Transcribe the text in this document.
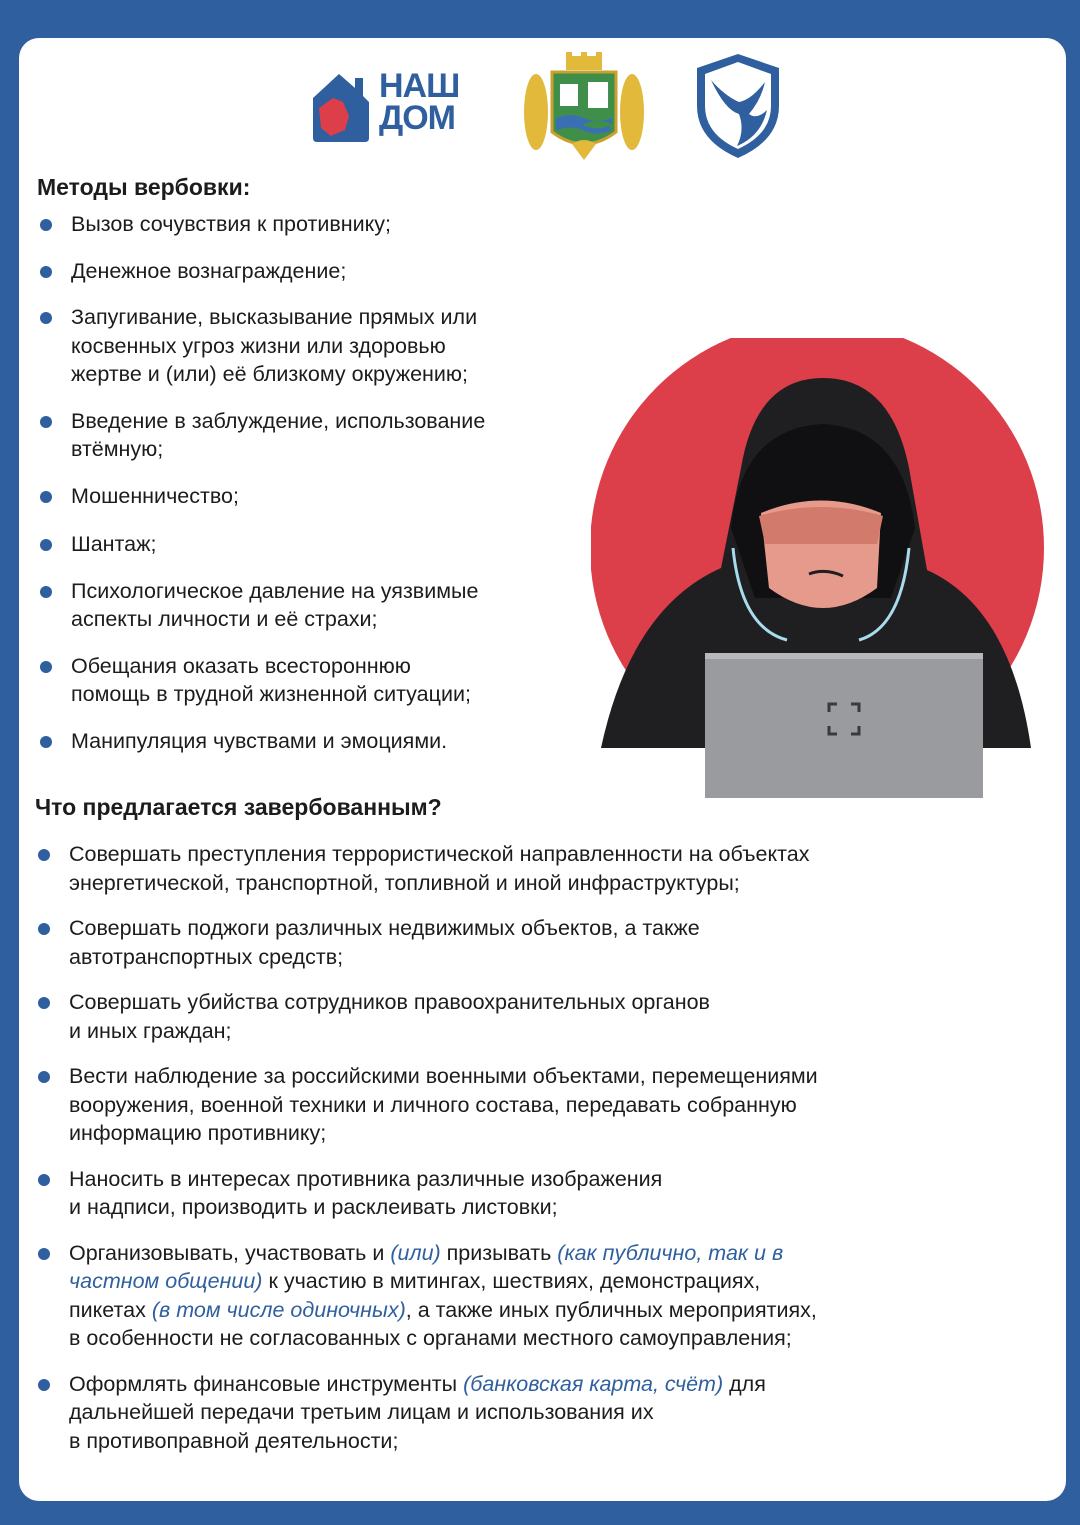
НАШ
ДОМ
Методы вербовки:
Вызов сочувствия к противнику;
Денежное вознаграждение;
Запугивание, высказывание прямых или
косвенных угроз жизни или здоровью
жертве и (или) её близкому окружению;
Введение в заблуждение, использование
втёмную;
Мошенничество;
Шантаж;
Психологическое давление на уязвимые
аспекты личности и её страхи;
Обещания оказать всестороннюю
помощь в трудной жизненной ситуации;
Манипуляция чувствами и эмоциями.
Что предлагается завербованным?
Совершать преступления террористической направленности на объектах
энергетической, транспортной, топливной и иной инфраструктуры;
Совершать поджоги различных недвижимых объектов, а также
автотранспортных средств;
Совершать убийства сотрудников правоохранительных органов
и иных граждан;
Вести наблюдение за российскими военными объектами, перемещениями
вооружения, военной техники и личного состава, передавать собранную
информацию противнику;
Наносить в интересах противника различные изображения
и надписи, производить и расклеивать листовки;
Организовывать, участвовать и (или) призывать (как публично, так и в
частном общении) к участию в митингах, шествиях, демонстрациях,
пикетах (в том числе одиночных), а также иных публичных мероприятиях,
в особенности не согласованных с органами местного самоуправления;
Оформлять финансовые инструменты (банковская карта, счёт) для
дальнейшей передачи третьим лицам и использования их
в противоправной деятельности;
